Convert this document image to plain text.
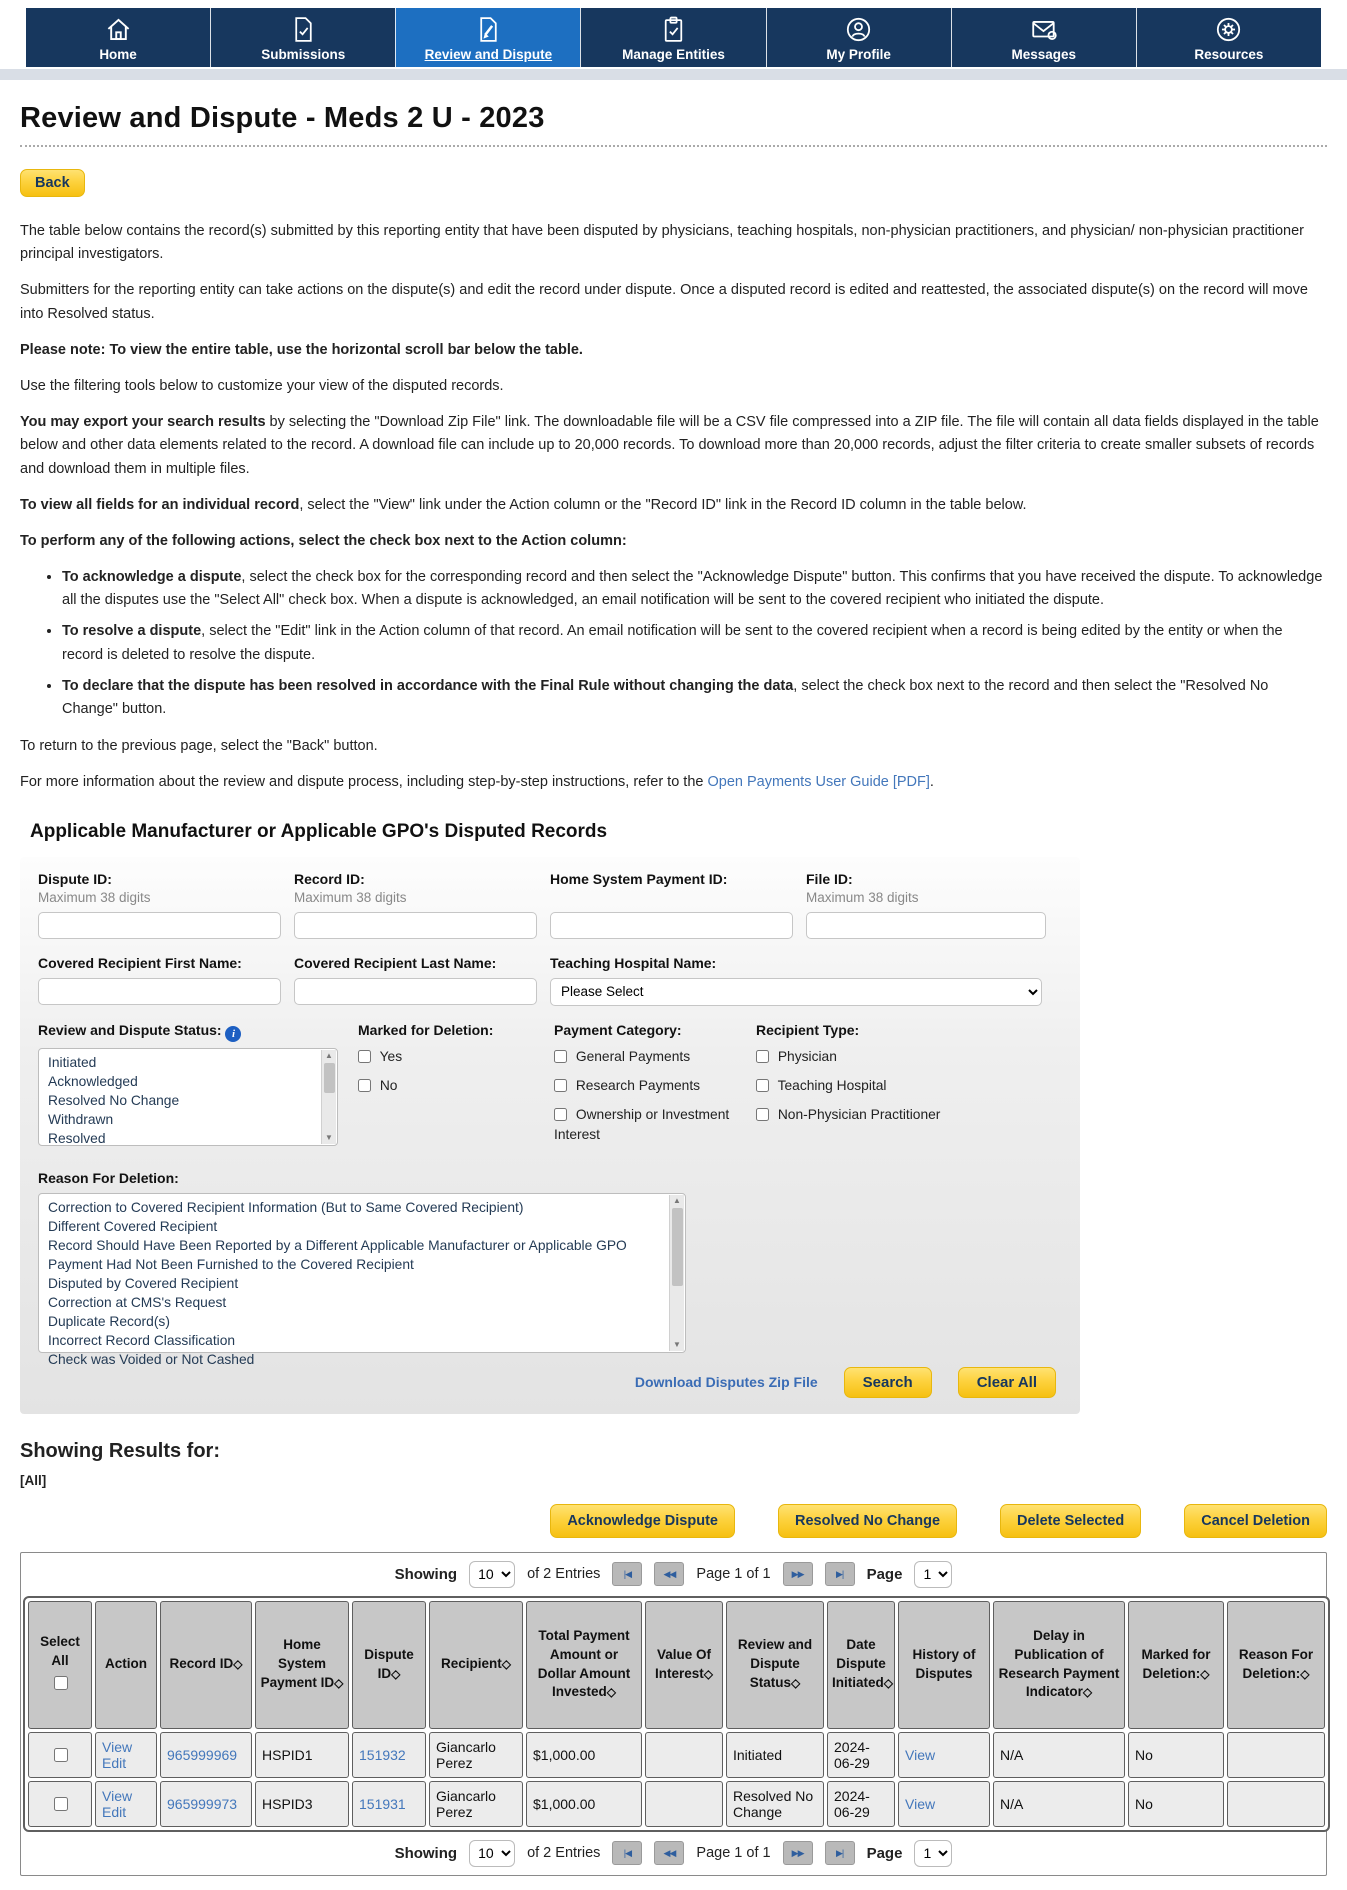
Home	Submissions	Review and Dispute	Manage Entities	My Profile	Messages	Resources
Review and Dispute - Meds 2 U - 2023
Back

The table below contains the record(s) submitted by this reporting entity that have been disputed by physicians, teaching hospitals, non-physician practitioners, and physician/ non-physician practitioner principal investigators.

Submitters for the reporting entity can take actions on the dispute(s) and edit the record under dispute. Once a disputed record is edited and reattested, the associated dispute(s) on the record will move into Resolved status.

Please note: To view the entire table, use the horizontal scroll bar below the table.

Use the filtering tools below to customize your view of the disputed records.

You may export your search results by selecting the "Download Zip File" link. The downloadable file will be a CSV file compressed into a ZIP file. The file will contain all data fields displayed in the table below and other data elements related to the record. A download file can include up to 20,000 records. To download more than 20,000 records, adjust the filter criteria to create smaller subsets of records and download them in multiple files.

To view all fields for an individual record, select the "View" link under the Action column or the "Record ID" link in the Record ID column in the table below.

To perform any of the following actions, select the check box next to the Action column:

• To acknowledge a dispute, select the check box for the corresponding record and then select the "Acknowledge Dispute" button. This confirms that you have received the dispute. To acknowledge all the disputes use the "Select All" check box. When a dispute is acknowledged, an email notification will be sent to the covered recipient who initiated the dispute.
• To resolve a dispute, select the "Edit" link in the Action column of that record. An email notification will be sent to the covered recipient when a record is being edited by the entity or when the record is deleted to resolve the dispute.
• To declare that the dispute has been resolved in accordance with the Final Rule without changing the data, select the check box next to the record and then select the "Resolved No Change" button.

To return to the previous page, select the "Back" button.

For more information about the review and dispute process, including step-by-step instructions, refer to the Open Payments User Guide [PDF].

Applicable Manufacturer or Applicable GPO's Disputed Records
Dispute ID:
Maximum 38 digits
Record ID:
Maximum 38 digits
Home System Payment ID:	File ID:
Maximum 38 digits
Covered Recipient First Name:	Covered Recipient Last Name:	Teaching Hospital Name:
Please Select
Review and Dispute Status: i
Initiated
Acknowledged
Resolved No Change
Withdrawn
Resolved
▲
▼
Marked for Deletion:
Yes
No
Payment Category:
General Payments
Research Payments
Ownership or Investment Interest
Recipient Type:
Physician
Teaching Hospital
Non-Physician Practitioner
Reason For Deletion:
Correction to Covered Recipient Information (But to Same Covered Recipient)
Different Covered Recipient
Record Should Have Been Reported by a Different Applicable Manufacturer or Applicable GPO
Payment Had Not Been Furnished to the Covered Recipient
Disputed by Covered Recipient
Correction at CMS's Request
Duplicate Record(s)
Incorrect Record Classification
Check was Voided or Not Cashed
▲
▼
Download Disputes Zip File	Search	Clear All
Showing Results for:
[All]
Acknowledge Dispute	Resolved No Change	Delete Selected	Cancel Deletion
Showing
10	of 2 Entries	|◀	◀◀	Page 1 of 1	▶▶	▶|	Page
1
Select All	Action	Record ID◇	Home System Payment ID◇	Dispute ID◇	Recipient◇	Total Payment Amount or Dollar Amount Invested◇	Value Of Interest◇	Review and Dispute Status◇	Date Dispute Initiated◇	History of Disputes	Delay in Publication of Research Payment Indicator◇	Marked for Deletion:◇	Reason For Deletion:◇

View
Edit	965999969	HSPID1	151932	Giancarlo Perez	$1,000.00		Initiated	2024-06-29	View	N/A	No	

View
Edit	965999973	HSPID3	151931	Giancarlo Perez	$1,000.00		Resolved No Change	2024-06-29	View	N/A	No	
Showing
10	of 2 Entries	|◀	◀◀	Page 1 of 1	▶▶	▶|	Page
1
